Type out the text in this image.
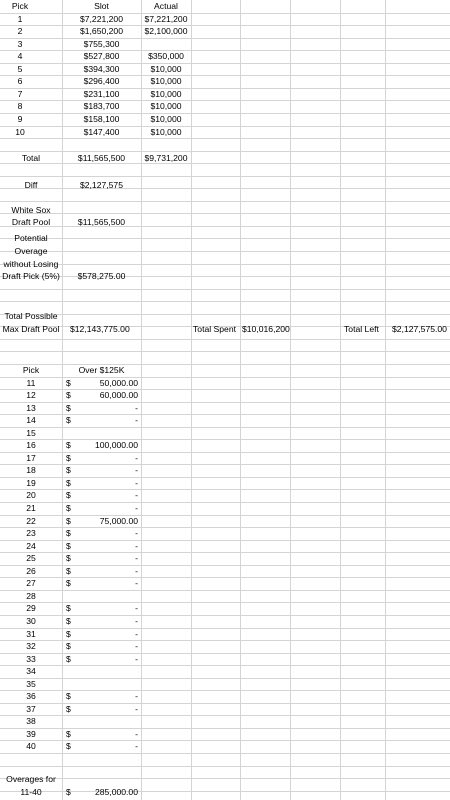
Pick	Slot	Actual
1	$7,221,200	$7,221,200
2	$1,650,200	$2,100,000
3	$755,300
4	$527,800	$350,000
5	$394,300	$10,000
6	$296,400	$10,000
7	$231,100	$10,000
8	$183,700	$10,000
9	$158,100	$10,000
10	$147,400	$10,000
Total	$11,565,500	$9,731,200
Diff	$2,127,575
White Sox
Draft Pool	$11,565,500
Potential
Overage
without Losing
Draft Pick (5%)	$578,275.00
Total Possible
Max Draft Pool $12,143,775.00	Total Spent $10,016,200	Total Left	$2,127,575.00
Pick	Over $125K
11	$	50,000.00
12	$	60,000.00
13	$	-
14	$	-
15
16	$	100,000.00
17	$	-
18	$	-
19	$	-
20	$	-
21	$	-
22	$	75,000.00
23	$	-
24	$	-
25	$	-
26	$	-
27	$	-
28
29	$	-
30	$	-
31	$	-
32	$	-
33	$	-
34
35
36	$	-
37	$	-
38
39	$	-
40	$	-
Overages for
11-40	$	285,000.00
